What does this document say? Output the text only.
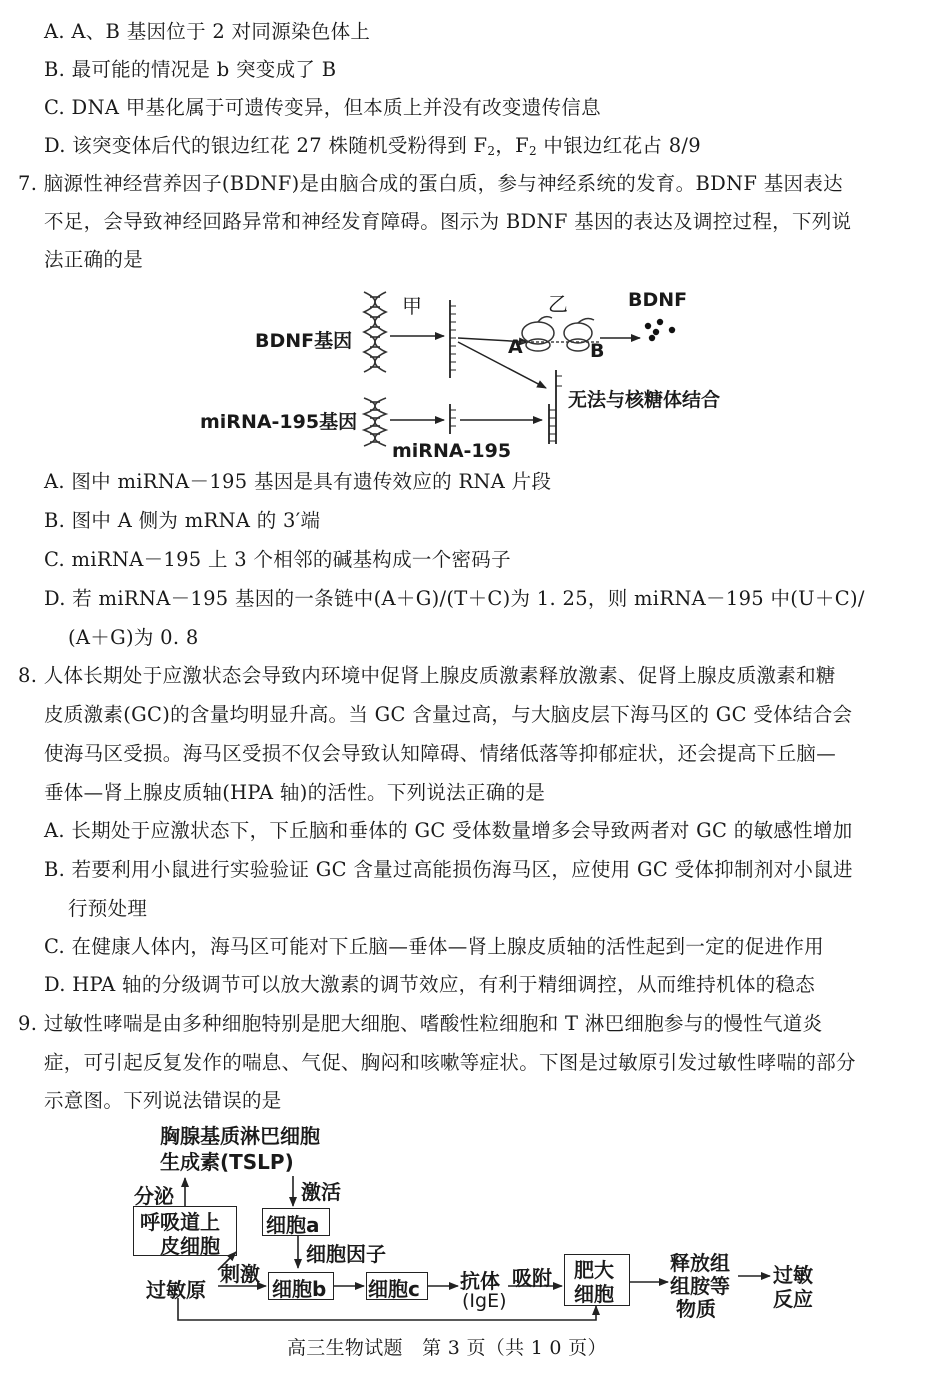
A. A、B 基因位于 2 对同源染色体上
B. 最可能的情况是 b 突变成了 B
C. DNA 甲基化属于可遗传变异，但本质上并没有改变遗传信息
D. 该突变体后代的银边红花 27 株随机受粉得到 $F_2$，$F_2$ 中银边红花占 8/9
7. 脑源性神经营养因子(BDNF)是由脑合成的蛋白质，参与神经系统的发育。BDNF 基因表达
不足，会导致神经回路异常和神经发育障碍。图示为 BDNF 基因的表达及调控过程，下列说
法正确的是
甲	乙	BDNF
BDNF基因	A	B
无法与核糖体结合
miRNA-195基因
miRNA-195
A. 图中 miRNA－195 基因是具有遗传效应的 RNA 片段
B. 图中 A 侧为 mRNA 的 3′端
C. miRNA－195 上 3 个相邻的碱基构成一个密码子
D. 若 miRNA－195 基因的一条链中(A＋G)/(T＋C)为 1. 25，则 miRNA－195 中(U＋C)/
(A＋G)为 0. 8
8. 人体长期处于应激状态会导致内环境中促肾上腺皮质激素释放激素、促肾上腺皮质激素和糖
皮质激素(GC)的含量均明显升高。当 GC 含量过高，与大脑皮层下海马区的 GC 受体结合会
使海马区受损。海马区受损不仅会导致认知障碍、情绪低落等抑郁症状，还会提高下丘脑—
垂体—肾上腺皮质轴(HPA 轴)的活性。下列说法正确的是
A. 长期处于应激状态下，下丘脑和垂体的 GC 受体数量增多会导致两者对 GC 的敏感性增加
B. 若要利用小鼠进行实验验证 GC 含量过高能损伤海马区，应使用 GC 受体抑制剂对小鼠进
行预处理
C. 在健康人体内，海马区可能对下丘脑—垂体—肾上腺皮质轴的活性起到一定的促进作用
D. HPA 轴的分级调节可以放大激素的调节效应，有利于精细调控，从而维持机体的稳态
9. 过敏性哮喘是由多种细胞特别是肥大细胞、嗜酸性粒细胞和 T 淋巴细胞参与的慢性气道炎
症，可引起反复发作的喘息、气促、胸闷和咳嗽等症状。下图是过敏原引发过敏性哮喘的部分
示意图。下列说法错误的是
胸腺基质淋巴细胞
生成素(TSLP)
分泌	激活
呼吸道上
皮细胞
细胞a
细胞因子
刺激
过敏原	细胞b 细胞c 抗体
(IgE)
吸附 肥大
细胞
释放组
组胺等
物质
过敏
反应
高三生物试题　第 3 页（共 1 0 页）
